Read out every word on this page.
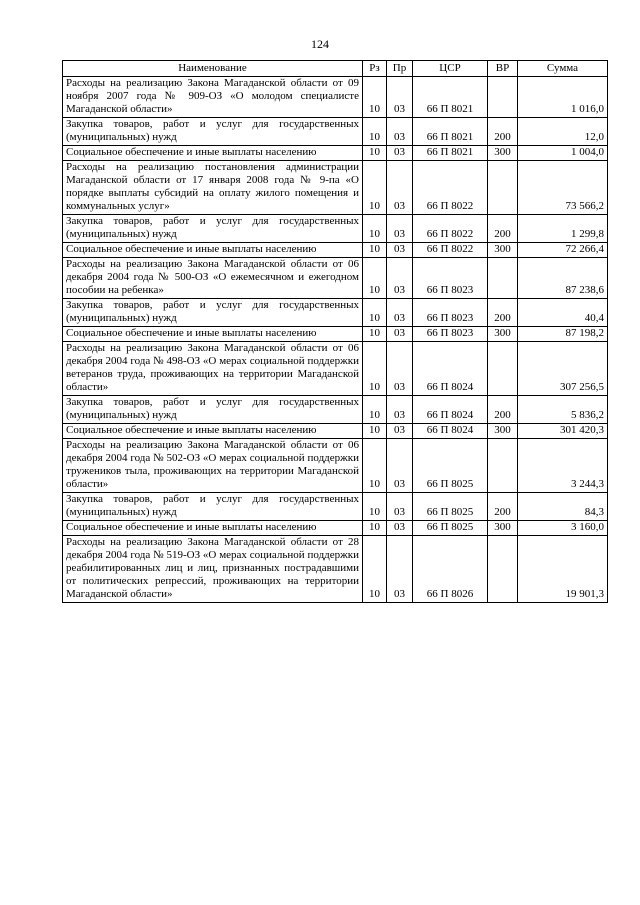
124
Наименование	Рз	Пр	ЦСР	ВР	Сумма
Расходы на реализацию Закона Магаданской области от 09 ноября 2007 года № 909-ОЗ «О молодом специалисте Магаданской области»	10	03	66 П 8021		1 016,0
Закупка товаров, работ и услуг для государственных (муниципальных) нужд	10	03	66 П 8021	200	12,0
Социальное обеспечение и иные выплаты населению	10	03	66 П 8021	300	1 004,0
Расходы на реализацию постановления администрации Магаданской области от 17 января 2008 года № 9-па «О порядке выплаты субсидий на оплату жилого помещения и коммунальных услуг»	10	03	66 П 8022		73 566,2
Закупка товаров, работ и услуг для государственных (муниципальных) нужд	10	03	66 П 8022	200	1 299,8
Социальное обеспечение и иные выплаты населению	10	03	66 П 8022	300	72 266,4
Расходы на реализацию Закона Магаданской области от 06 декабря 2004 года № 500-ОЗ «О ежемесячном и ежегодном пособии на ребенка»	10	03	66 П 8023		87 238,6
Закупка товаров, работ и услуг для государственных (муниципальных) нужд	10	03	66 П 8023	200	40,4
Социальное обеспечение и иные выплаты населению	10	03	66 П 8023	300	87 198,2
Расходы на реализацию Закона Магаданской области от 06 декабря 2004 года № 498-ОЗ «О мерах социальной поддержки ветеранов труда, проживающих на территории Магаданской области»	10	03	66 П 8024		307 256,5
Закупка товаров, работ и услуг для государственных (муниципальных) нужд	10	03	66 П 8024	200	5 836,2
Социальное обеспечение и иные выплаты населению	10	03	66 П 8024	300	301 420,3
Расходы на реализацию Закона Магаданской области от 06 декабря 2004 года № 502-ОЗ «О мерах социальной поддержки тружеников тыла, проживающих на территории Магаданской области»	10	03	66 П 8025		3 244,3
Закупка товаров, работ и услуг для государственных (муниципальных) нужд	10	03	66 П 8025	200	84,3
Социальное обеспечение и иные выплаты населению	10	03	66 П 8025	300	3 160,0
Расходы на реализацию Закона Магаданской области от 28 декабря 2004 года № 519-ОЗ «О мерах социальной поддержки реабилитированных лиц и лиц, признанных пострадавшими от политических репрессий, проживающих на территории Магаданской области»	10	03	66 П 8026		19 901,3
